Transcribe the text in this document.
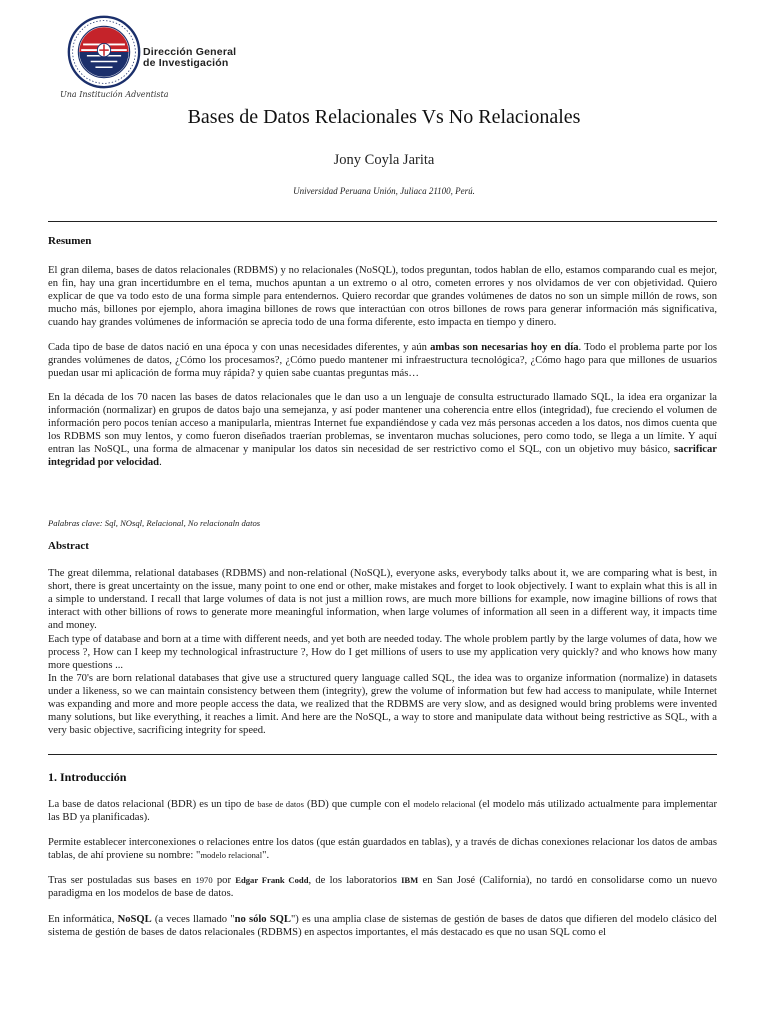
Dirección General
de Investigación
Una Institución Adventista
Bases de Datos Relacionales Vs No Relacionales
Jony Coyla Jarita
Universidad Peruana Unión, Juliaca 21100, Perú.

Resumen

El gran dilema, bases de datos relacionales (RDBMS) y no relacionales (NoSQL), todos preguntan, todos hablan de ello, estamos comparando cual es mejor, en fin, hay una gran incertidumbre en el tema, muchos apuntan a un extremo o al otro, cometen errores y nos olvidamos de ver con objetividad. Quiero explicar de que va todo esto de una forma simple para entendernos. Quiero recordar que grandes volúmenes de datos no son un simple millón de rows, son mucho más, billones por ejemplo, ahora imagina billones de rows que interactúan con otros billones de rows para generar información más significativa, cuando hay grandes volúmenes de información se aprecia todo de una forma diferente, esto impacta en tiempo y dinero.

Cada tipo de base de datos nació en una época y con unas necesidades diferentes, y aún ambas son necesarias hoy en día. Todo el problema parte por los grandes volúmenes de datos, ¿Cómo los procesamos?, ¿Cómo puedo mantener mi infraestructura tecnológica?, ¿Cómo hago para que millones de usuarios puedan usar mi aplicación de forma muy rápida? y quien sabe cuantas preguntas más…

En la década de los 70 nacen las bases de datos relacionales que le dan uso a un lenguaje de consulta estructurado llamado SQL, la idea era organizar la información (normalizar) en grupos de datos bajo una semejanza, y así poder mantener una coherencia entre ellos (integridad), fue creciendo el volumen de información pero pocos tenían acceso a manipularla, mientras Internet fue expandiéndose y cada vez más personas acceden a los datos, nos dimos cuenta que los RDBMS son muy lentos, y como fueron diseñados traerían problemas, se inventaron muchas soluciones, pero como todo, se llega a un límite. Y aquí entran las NoSQL, una forma de almacenar y manipular los datos sin necesidad de ser restrictivo como el SQL, con un objetivo muy básico, sacrificar integridad por velocidad.

Palabras clave: Sql, NOsql, Relacional, No relacionaln datos

Abstract

The great dilemma, relational databases (RDBMS) and non-relational (NoSQL), everyone asks, everybody talks about it, we are comparing what is best, in short, there is great uncertainty on the issue, many point to one end or other, make mistakes and forget to look objectively. I want to explain what this is all in a simple to understand. I recall that large volumes of data is not just a million rows, are much more billions for example, now imagine billions of rows that interact with other billions of rows to generate more meaningful information, when large volumes of information all seen in a different way, it impacts time and money.

Each type of database and born at a time with different needs, and yet both are needed today. The whole problem partly by the large volumes of data, how we process ?, How can I keep my technological infrastructure ?, How do I get millions of users to use my application very quickly? and who knows how many more questions ...

In the 70's are born relational databases that give use a structured query language called SQL, the idea was to organize information (normalize) in datasets under a likeness, so we can maintain consistency between them (integrity), grew the volume of information but few had access to manipulate, while Internet was expanding and more and more people access the data, we realized that the RDBMS are very slow, and as designed would bring problems were invented many solutions, but like everything, it reaches a limit. And here are the NoSQL, a way to store and manipulate data without being restrictive as SQL, with a very basic objective, sacrificing integrity for speed.

1. Introducción

La base de datos relacional (BDR) es un tipo de base de datos (BD) que cumple con el modelo relacional (el modelo más utilizado actualmente para implementar las BD ya planificadas).

Permite establecer interconexiones o relaciones entre los datos (que están guardados en tablas), y a través de dichas conexiones relacionar los datos de ambas tablas, de ahí proviene su nombre: "modelo relacional".

Tras ser postuladas sus bases en 1970 por Edgar Frank Codd, de los laboratorios IBM en San José (California), no tardó en consolidarse como un nuevo paradigma en los modelos de base de datos.

En informática, NoSQL (a veces llamado "no sólo SQL") es una amplia clase de sistemas de gestión de bases de datos que difieren del modelo clásico del sistema de gestión de bases de datos relacionales (RDBMS) en aspectos importantes, el más destacado es que no usan SQL como el
